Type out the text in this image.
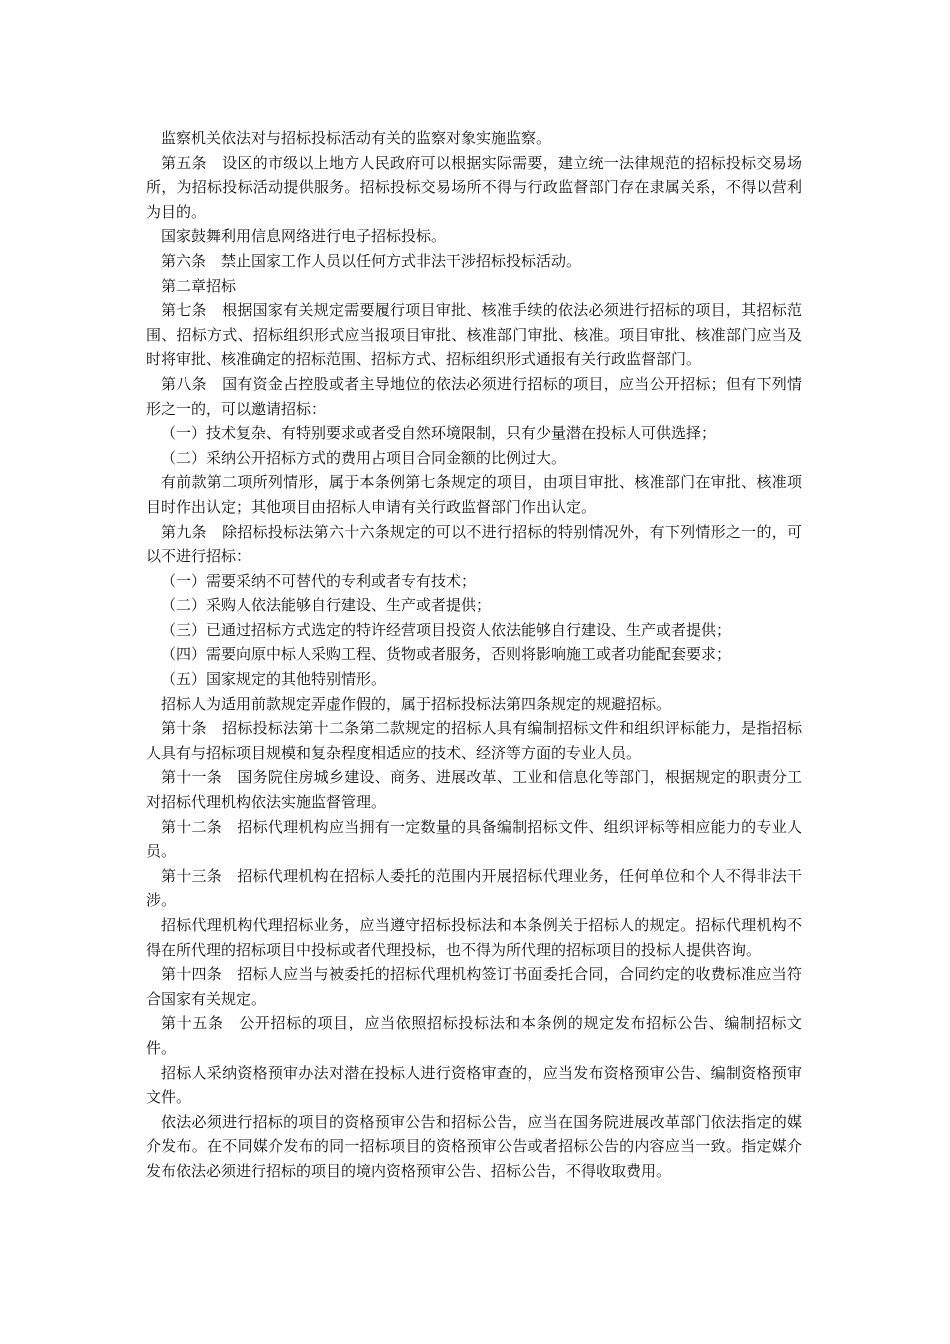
监察机关依法对与招标投标活动有关的监察对象实施监察。

第五条　设区的市级以上地方人民政府可以根据实际需要，建立统一法律规范的招标投标交易场所，为招标投标活动提供服务。招标投标交易场所不得与行政监督部门存在隶属关系，不得以营利为目的。

国家鼓舞利用信息网络进行电子招标投标。

第六条　禁止国家工作人员以任何方式非法干涉招标投标活动。

第二章招标

第七条　根据国家有关规定需要履行项目审批、核准手续的依法必须进行招标的项目，其招标范围、招标方式、招标组织形式应当报项目审批、核准部门审批、核准。项目审批、核准部门应当及时将审批、核准确定的招标范围、招标方式、招标组织形式通报有关行政监督部门。

第八条　国有资金占控股或者主导地位的依法必须进行招标的项目，应当公开招标；但有下列情形之一的，可以邀请招标：

（一）技术复杂、有特别要求或者受自然环境限制，只有少量潜在投标人可供选择；

（二）采纳公开招标方式的费用占项目合同金额的比例过大。

有前款第二项所列情形，属于本条例第七条规定的项目，由项目审批、核准部门在审批、核准项目时作出认定；其他项目由招标人申请有关行政监督部门作出认定。

第九条　除招标投标法第六十六条规定的可以不进行招标的特别情况外，有下列情形之一的，可以不进行招标：

（一）需要采纳不可替代的专利或者专有技术；

（二）采购人依法能够自行建设、生产或者提供；

（三）已通过招标方式选定的特许经营项目投资人依法能够自行建设、生产或者提供；

（四）需要向原中标人采购工程、货物或者服务，否则将影响施工或者功能配套要求；

（五）国家规定的其他特别情形。

招标人为适用前款规定弄虚作假的，属于招标投标法第四条规定的规避招标。

第十条　招标投标法第十二条第二款规定的招标人具有编制招标文件和组织评标能力，是指招标人具有与招标项目规模和复杂程度相适应的技术、经济等方面的专业人员。

第十一条　国务院住房城乡建设、商务、进展改革、工业和信息化等部门，根据规定的职责分工对招标代理机构依法实施监督管理。

第十二条　招标代理机构应当拥有一定数量的具备编制招标文件、组织评标等相应能力的专业人员。

第十三条　招标代理机构在招标人委托的范围内开展招标代理业务，任何单位和个人不得非法干涉。

招标代理机构代理招标业务，应当遵守招标投标法和本条例关于招标人的规定。招标代理机构不得在所代理的招标项目中投标或者代理投标，也不得为所代理的招标项目的投标人提供咨询。

第十四条　招标人应当与被委托的招标代理机构签订书面委托合同，合同约定的收费标准应当符合国家有关规定。

第十五条　公开招标的项目，应当依照招标投标法和本条例的规定发布招标公告、编制招标文件。

招标人采纳资格预审办法对潜在投标人进行资格审查的，应当发布资格预审公告、编制资格预审文件。

依法必须进行招标的项目的资格预审公告和招标公告，应当在国务院进展改革部门依法指定的媒介发布。在不同媒介发布的同一招标项目的资格预审公告或者招标公告的内容应当一致。指定媒介发布依法必须进行招标的项目的境内资格预审公告、招标公告，不得收取费用。
